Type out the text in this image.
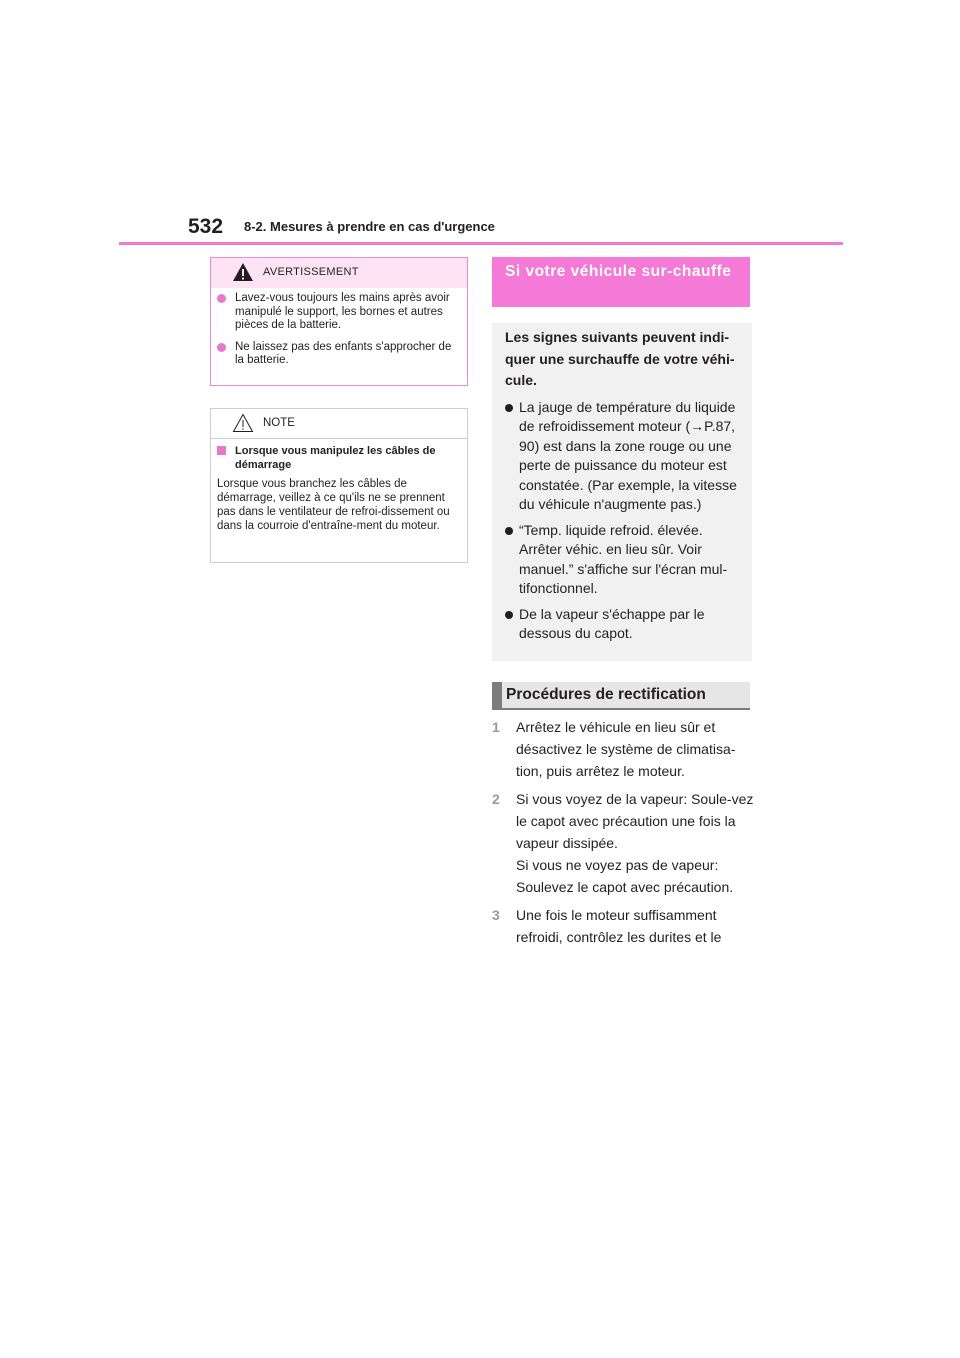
532 8-2. Mesures à prendre en cas d'urgence
AVERTISSEMENT
Lavez-vous toujours les mains après avoir manipulé le support, les bornes et autres pièces de la batterie.
Ne laissez pas des enfants s'approcher de la batterie.
NOTE
Lorsque vous manipulez les câbles de démarrage
Lorsque vous branchez les câbles de démarrage, veillez à ce qu'ils ne se prennent pas dans le ventilateur de refroi-dissement ou dans la courroie d'entraîne-ment du moteur.
Si votre véhicule sur-chauffe
Les signes suivants peuvent indi-quer une surchauffe de votre véhi-cule.
La jauge de température du liquide de refroidissement moteur (→P.87, 90) est dans la zone rouge ou une perte de puissance du moteur est constatée. (Par exemple, la vitesse du véhicule n'augmente pas.)
“Temp. liquide refroid. élevée. Arrêter véhic. en lieu sûr. Voir manuel.” s'affiche sur l'écran mul-tifonctionnel.
De la vapeur s'échappe par le dessous du capot.
Procédures de rectification
1 Arrêtez le véhicule en lieu sûr et désactivez le système de climatisa-tion, puis arrêtez le moteur.

2 Si vous voyez de la vapeur: Soule-vez le capot avec précaution une fois la vapeur dissipée.

Si vous ne voyez pas de vapeur: Soulevez le capot avec précaution.

3 Une fois le moteur suffisamment refroidi, contrôlez les durites et le
